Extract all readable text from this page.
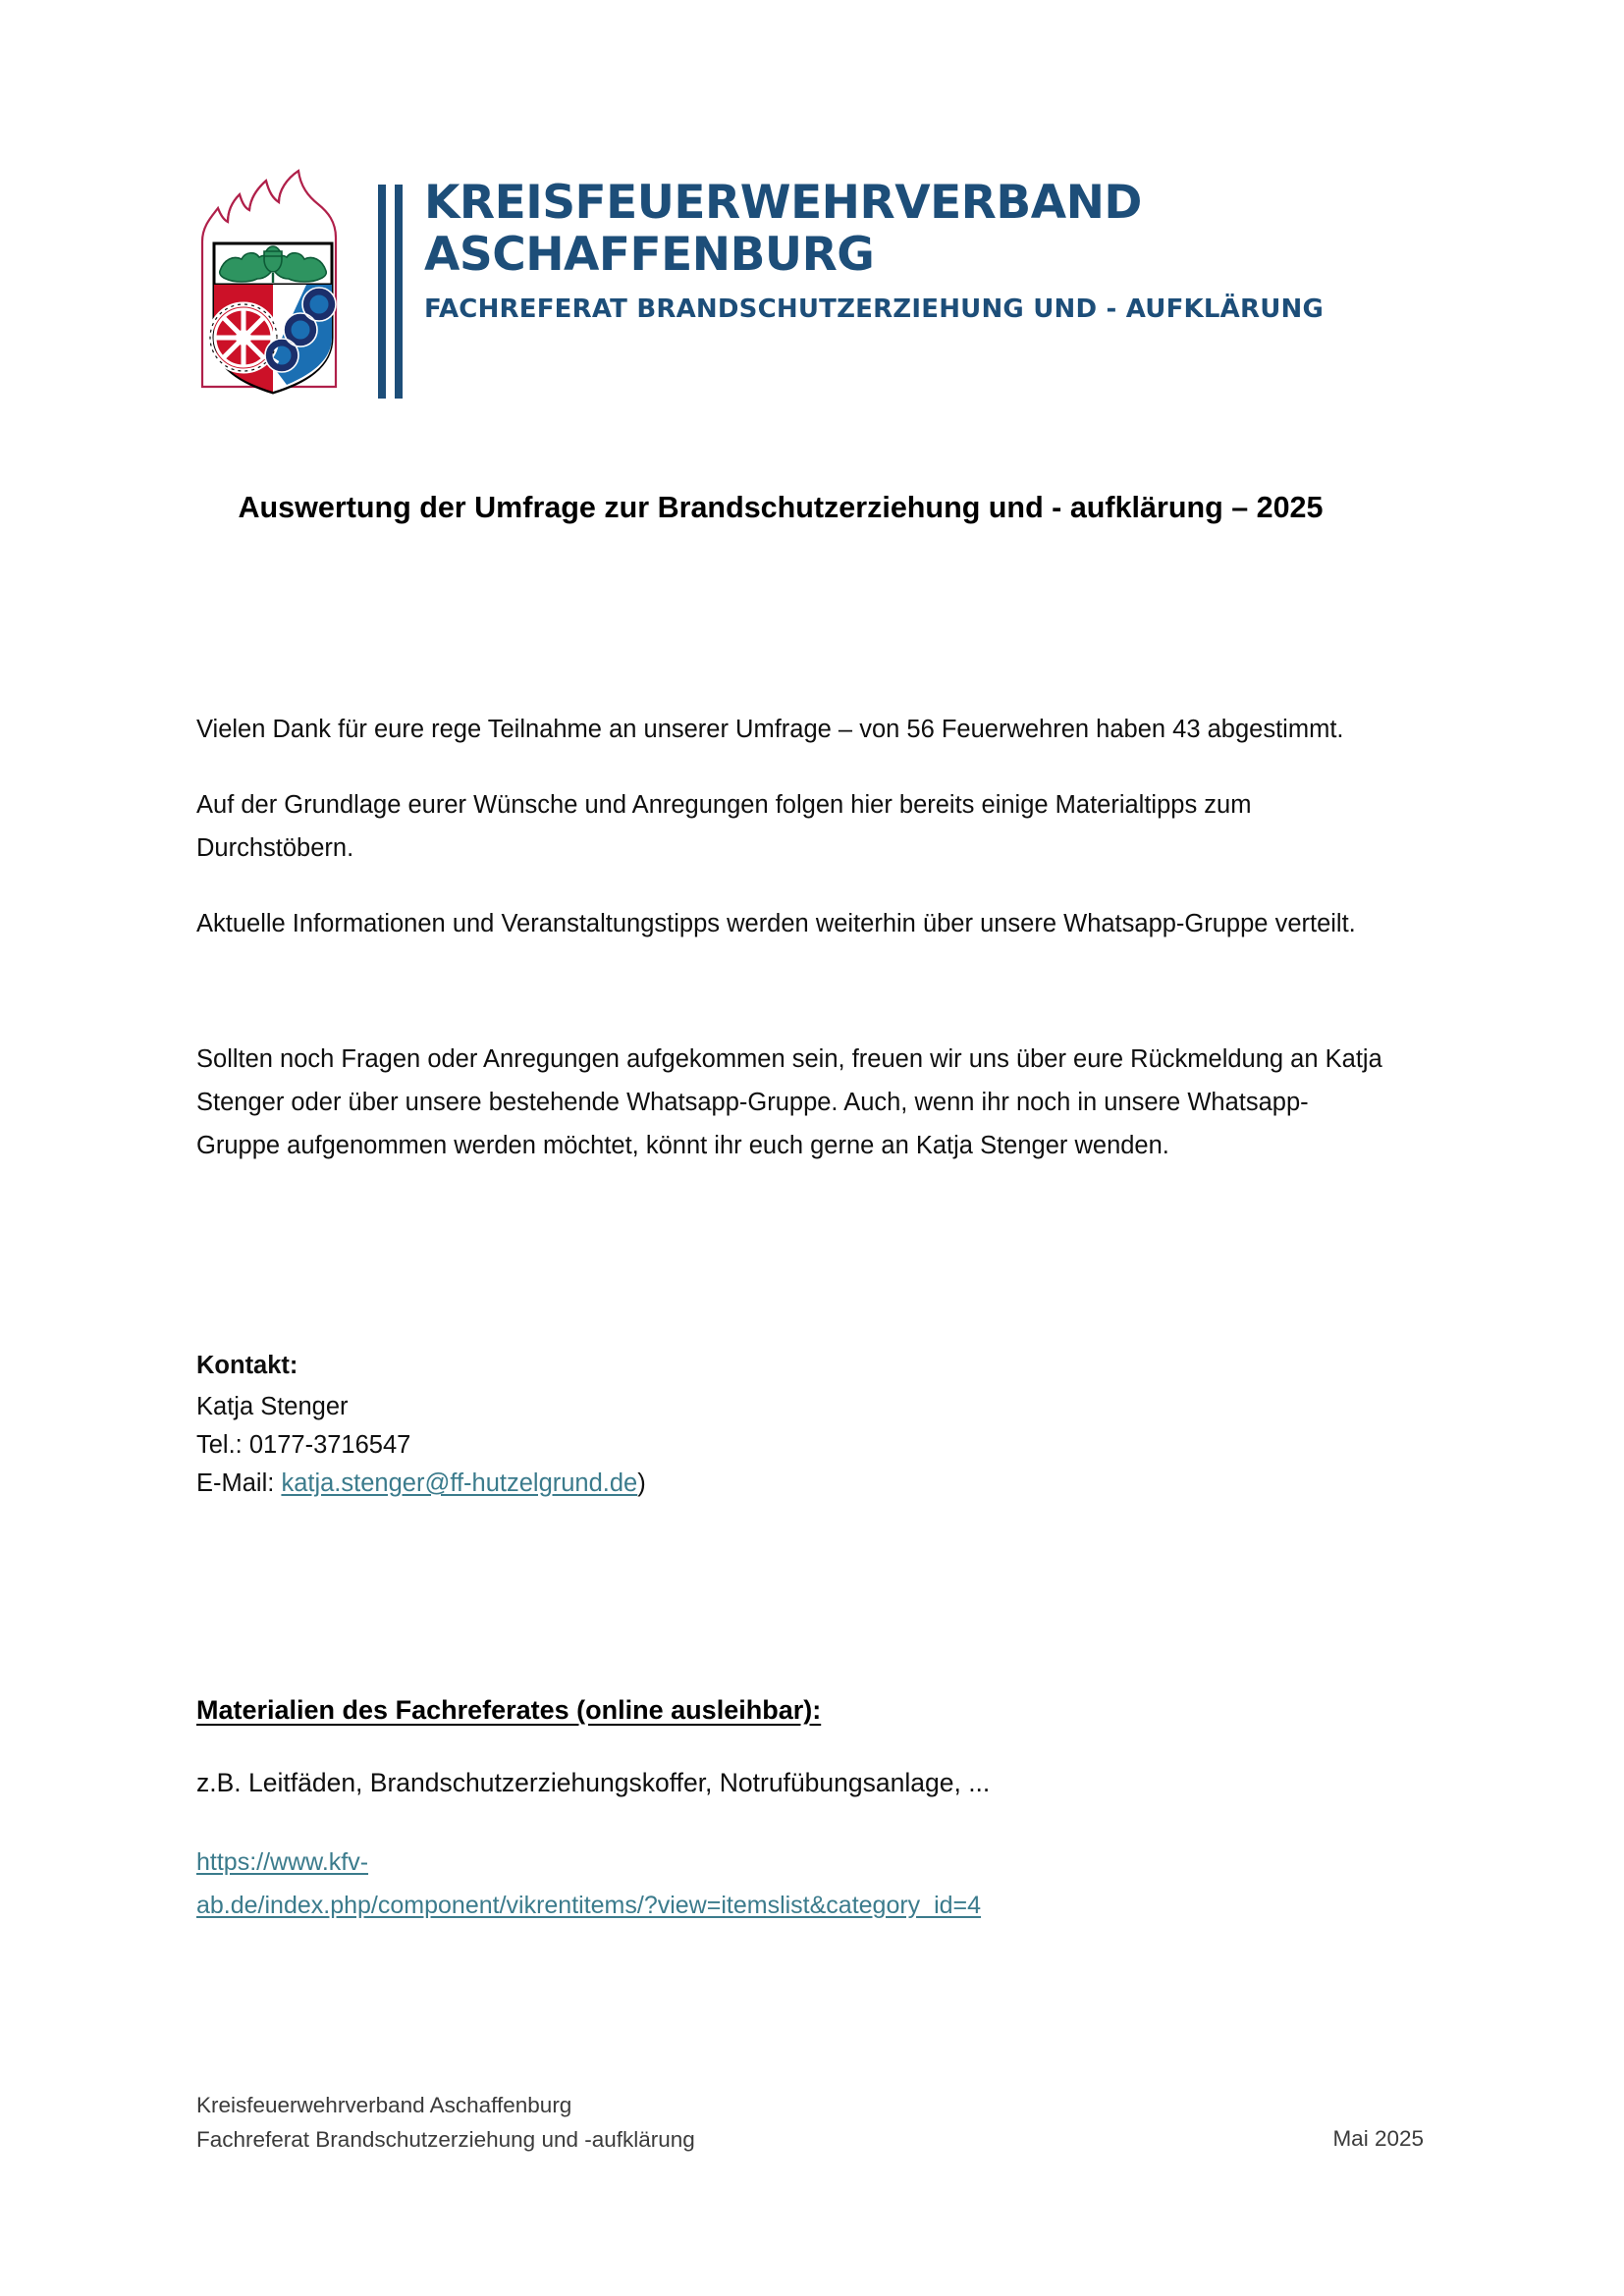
KREISFEUERWEHRVERBAND
ASCHAFFENBURG
FACHREFERAT BRANDSCHUTZERZIEHUNG UND - AUFKLÄRUNG
Auswertung der Umfrage zur Brandschutzerziehung und - aufklärung – 2025

Vielen Dank für eure rege Teilnahme an unserer Umfrage – von 56 Feuerwehren haben 43 abgestimmt.

Auf der Grundlage eurer Wünsche und Anregungen folgen hier bereits einige Materialtipps zum Durchstöbern.

Aktuelle Informationen und Veranstaltungstipps werden weiterhin über unsere Whatsapp-Gruppe verteilt.

Sollten noch Fragen oder Anregungen aufgekommen sein, freuen wir uns über eure Rückmeldung an Katja Stenger oder über unsere bestehende Whatsapp-Gruppe. Auch, wenn ihr noch in unsere Whatsapp-Gruppe aufgenommen werden möchtet, könnt ihr euch gerne an Katja Stenger wenden.

Kontakt:
Katja Stenger
Tel.: 0177-3716547
E-Mail: katja.stenger@ff-hutzelgrund.de)
Materialien des Fachreferates (online ausleihbar):

z.B. Leitfäden, Brandschutzerziehungskoffer, Notrufübungsanlage, ...

https://www.kfv-
ab.de/index.php/component/vikrentitems/?view=itemslist&category_id=4

Kreisfeuerwehrverband Aschaffenburg
Fachreferat Brandschutzerziehung und -aufklärung	Mai 2025
